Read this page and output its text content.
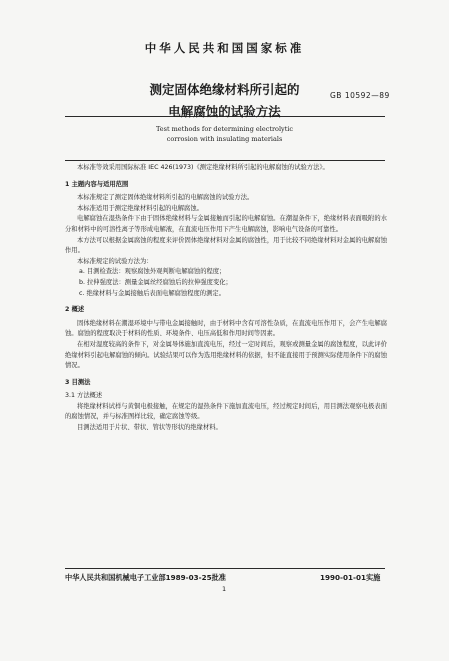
中华人民共和国国家标准
GB 10592—89
测定固体绝缘材料所引起的
电解腐蚀的试验方法
Test methods for determining electrolytic
corrosion with insulating materials

本标准等效采用国际标准 IEC 426(1973)《测定绝缘材料所引起的电解腐蚀的试验方法》。

1 主题内容与适用范围

本标准规定了测定固体绝缘材料所引起的电解腐蚀的试验方法。

本标准适用于测定绝缘材料引起的电解腐蚀。

电解腐蚀在湿热条件下由于固体绝缘材料与金属接触而引起的电解腐蚀。在潮湿条件下，绝缘材料表面吸附的水分和材料中的可溶性离子等形成电解液，在直流电压作用下产生电解腐蚀，影响电气设备的可靠性。

本方法可以根据金属腐蚀的程度来评价固体绝缘材料对金属的腐蚀性，用于比较不同绝缘材料对金属的电解腐蚀作用。

本标准规定的试验方法为：

a. 目测检查法：观察腐蚀外观判断电解腐蚀的程度；

b. 拉伸强度法：测量金属丝经腐蚀后的拉伸强度变化；

c. 绝缘材料与金属接触后表面电解腐蚀程度的测定。

2 概述

固体绝缘材料在潮湿环境中与带电金属接触时，由于材料中含有可溶性杂质，在直流电压作用下，会产生电解腐蚀。腐蚀的程度取决于材料的性质、环境条件、电压高低和作用时间等因素。

在相对湿度较高的条件下，对金属导体施加直流电压，经过一定时间后，观察或测量金属的腐蚀程度，以此评价绝缘材料引起电解腐蚀的倾向。试验结果可以作为选用绝缘材料的依据，但不能直接用于预测实际使用条件下的腐蚀情况。

3 目测法

3.1 方法概述

将绝缘材料试样与黄铜电极接触，在规定的湿热条件下施加直流电压，经过规定时间后，用目测法观察电极表面的腐蚀情况，并与标准图样比较，确定腐蚀等级。

目测法适用于片状、带状、管状等形状的绝缘材料。

中华人民共和国机械电子工业部1989-03-25批准	1990-01-01实施
1
